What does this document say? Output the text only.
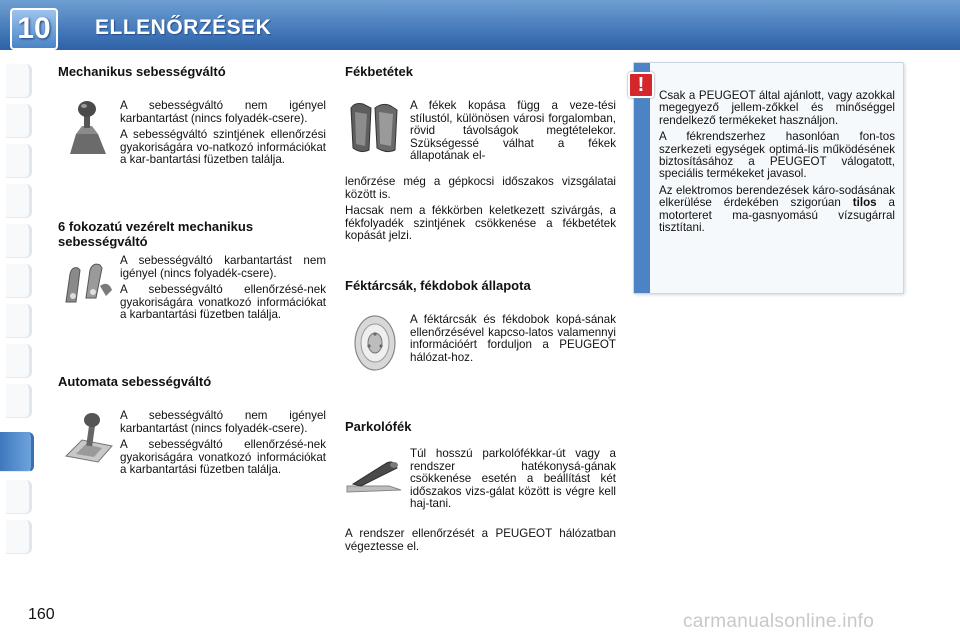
10	ELLENŐRZÉSEK
Mechanikus sebességváltó

A sebességváltó nem igényel karbantartást (nincs folyadék-csere).

A sebességváltó szintjének ellenőrzési gyakoriságára vo-natkozó információkat a kar-bantartási füzetben találja.

6 fokozatú vezérelt mechanikus sebességváltó

A sebességváltó karbantartást nem igényel (nincs folyadék-csere).

A sebességváltó ellenőrzésé-nek gyakoriságára vonatkozó információkat a karbantartási füzetben találja.

Automata sebességváltó

A sebességváltó nem igényel karbantartást (nincs folyadék-csere).

A sebességváltó ellenőrzésé-nek gyakoriságára vonatkozó információkat a karbantartási füzetben találja.

Fékbetétek

A fékek kopása függ a veze-tési stílustól, különösen városi forgalomban, rövid távolságok megtételekor. Szükségessé válhat a fékek állapotának el-

lenőrzése még a gépkocsi időszakos vizsgálatai között is.

Hacsak nem a fékkörben keletkezett szivárgás, a fékfolyadék szintjének csökkenése a fékbetétek kopását jelzi.

Féktárcsák, fékdobok állapota

A féktárcsák és fékdobok kopá-sának ellenőrzésével kapcso-latos valamennyi információért forduljon a PEUGEOT hálózat-hoz.

Parkolófék

Túl hosszú parkolófékkar-út vagy a rendszer hatékonysá-gának csökkenése esetén a beállítást két időszakos vizs-gálat között is végre kell haj-tani.

A rendszer ellenőrzését a PEUGEOT hálózatban végeztesse el.

!	Csak a PEUGEOT által ajánlott, vagy azokkal megegyező jellem-zőkkel és minőséggel rendelkező termékeket használjon.

A fékrendszerhez hasonlóan fon-tos szerkezeti egységek optimá-lis működésének biztosításához a PEUGEOT válogatott, speciális termékeket javasol.

Az elektromos berendezések káro-sodásának elkerülése érdekében szigorúan tilos a motorteret ma-gasnyomású vízsugárral tisztítani.

160	carmanualsonline.info
